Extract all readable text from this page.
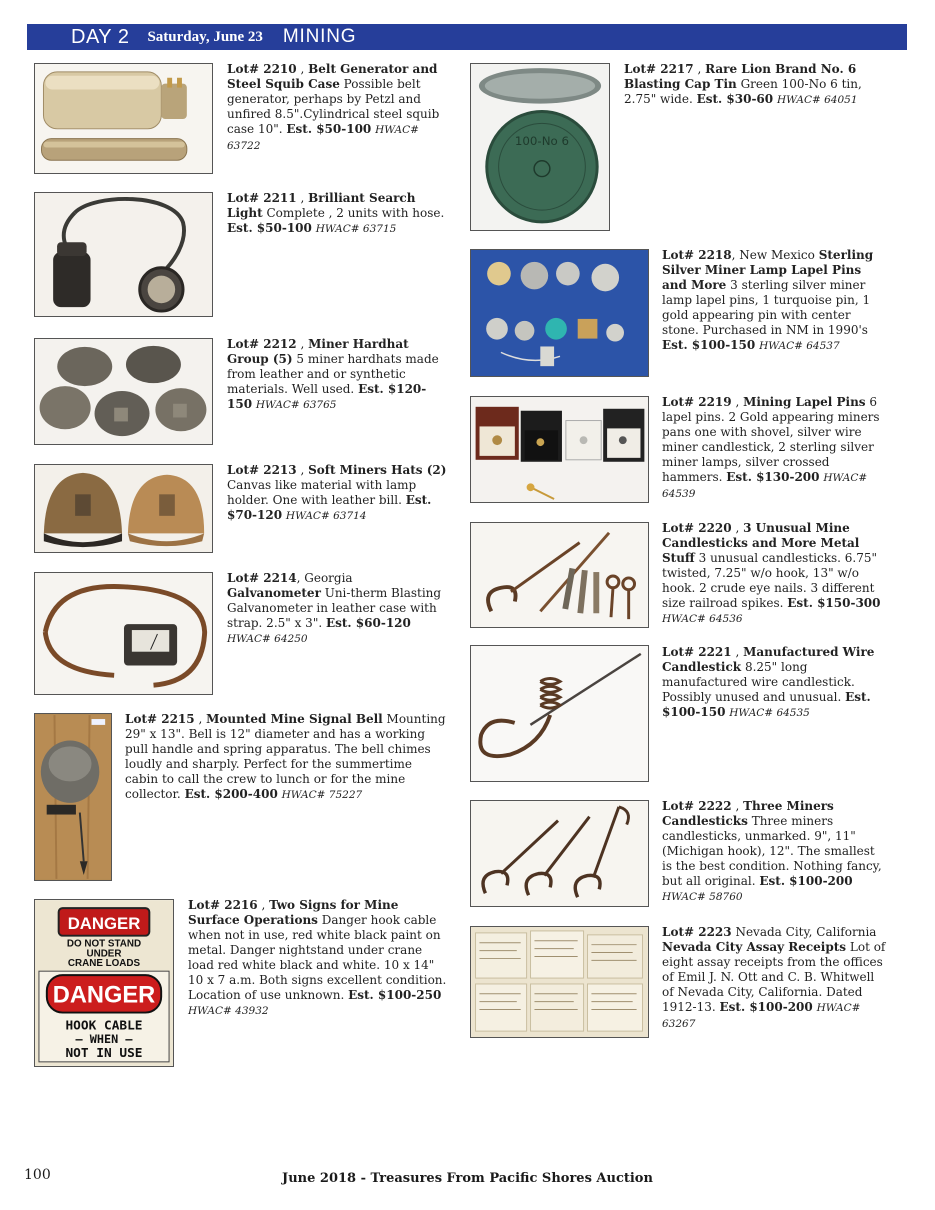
DAY 2 Saturday, June 23 MINING
DANGER
DO NOT STAND
UNDER
CRANE LOADS
DANGER
HOOK CABLE
— WHEN —
NOT IN USE
100-No 6
Lot# 2210 , Belt Generator and Steel Squib Case Possible belt generator, perhaps by Petzl and unfired 8.5".Cylindrical steel squib case 10". Est. $50-100 HWAC# 63722
Lot# 2211 , Brilliant Search Light Complete , 2 units with hose. Est. $50-100 HWAC# 63715
Lot# 2212 , Miner Hardhat Group (5) 5 miner hardhats made from leather and or synthetic materials. Well used. Est. $120-150 HWAC# 63765
Lot# 2213 , Soft Miners Hats (2) Canvas like material with lamp holder. One with leather bill. Est. $70-120 HWAC# 63714
Lot# 2214, Georgia Galvanometer Uni-therm Blasting Galvanometer in leather case with strap. 2.5" x 3". Est. $60-120 HWAC# 64250
Lot# 2215 , Mounted Mine Signal Bell Mounting 29" x 13". Bell is 12" diameter and has a working pull handle and spring apparatus. The bell chimes loudly and sharply. Perfect for the summertime cabin to call the crew to lunch or for the mine collector. Est. $200-400 HWAC# 75227
Lot# 2216 , Two Signs for Mine Surface Operations Danger hook cable when not in use, red white black paint on metal. Danger nightstand under crane load red white black and white. 10 x 14" 10 x 7 a.m. Both signs excellent condition. Location of use unknown. Est. $100-250 HWAC# 43932
Lot# 2217 , Rare Lion Brand No. 6 Blasting Cap Tin Green 100-No 6 tin, 2.75" wide. Est. $30-60 HWAC# 64051
Lot# 2218, New Mexico Sterling Silver Miner Lamp Lapel Pins and More 3 sterling silver miner lamp lapel pins, 1 turquoise pin, 1 gold appearing pin with center stone. Purchased in NM in 1990's Est. $100-150 HWAC# 64537
Lot# 2219 , Mining Lapel Pins 6 lapel pins. 2 Gold appearing miners pans one with shovel, silver wire miner candlestick, 2 sterling silver miner lamps, silver crossed hammers. Est. $130-200 HWAC# 64539
Lot# 2220 , 3 Unusual Mine Candlesticks and More Metal Stuff 3 unusual candlesticks. 6.75" twisted, 7.25" w/o hook, 13" w/o hook. 2 crude eye nails. 3 different size railroad spikes. Est. $150-300 HWAC# 64536
Lot# 2221 , Manufactured Wire Candlestick 8.25" long manufactured wire candlestick. Possibly unused and unusual. Est. $100-150 HWAC# 64535
Lot# 2222 , Three Miners Candlesticks Three miners candlesticks, unmarked. 9", 11" (Michigan hook), 12". The smallest is the best condition. Nothing fancy, but all original. Est. $100-200 HWAC# 58760
Lot# 2223 Nevada City, California Nevada City Assay Receipts Lot of eight assay receipts from the offices of Emil J. N. Ott and C. B. Whitwell of Nevada City, California. Dated 1912-13. Est. $100-200 HWAC# 63267
100	June 2018 - Treasures From Pacific Shores Auction
